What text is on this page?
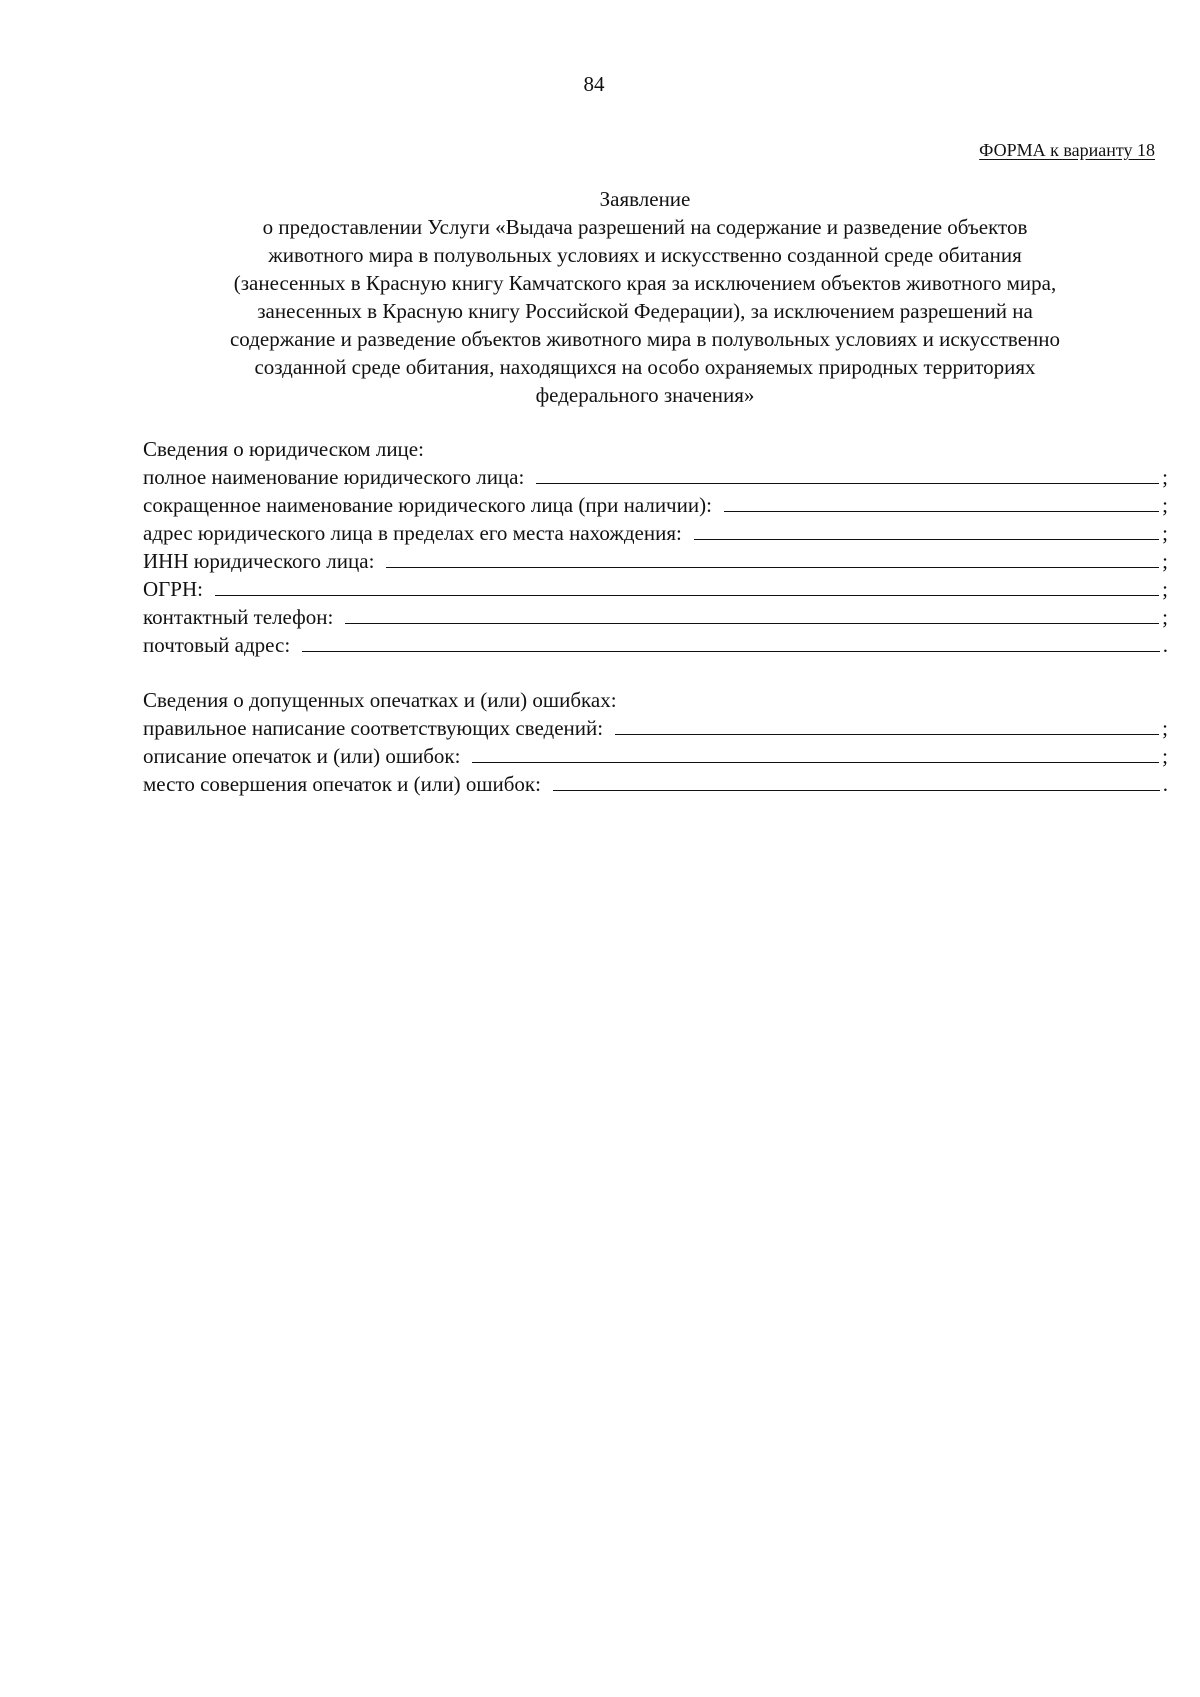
84
ФОРМА к варианту 18
Заявление
о предоставлении Услуги «Выдача разрешений на содержание и разведение объектов
животного мира в полувольных условиях и искусственно созданной среде обитания
(занесенных в Красную книгу Камчатского края за исключением объектов животного мира,
занесенных в Красную книгу Российской Федерации), за исключением разрешений на
содержание и разведение объектов животного мира в полувольных условиях и искусственно
созданной среде обитания, находящихся на особо охраняемых природных территориях
федерального значения»
Сведения о юридическом лице:
полное наименование юридического лица:	;
сокращенное наименование юридического лица (при наличии):	;
адрес юридического лица в пределах его места нахождения:	;
ИНН юридического лица:	;
ОГРН:	;
контактный телефон:	;
почтовый адрес:	.
Сведения о допущенных опечатках и (или) ошибках:
правильное написание соответствующих сведений:	;
описание опечаток и (или) ошибок:	;
место совершения опечаток и (или) ошибок:	.
